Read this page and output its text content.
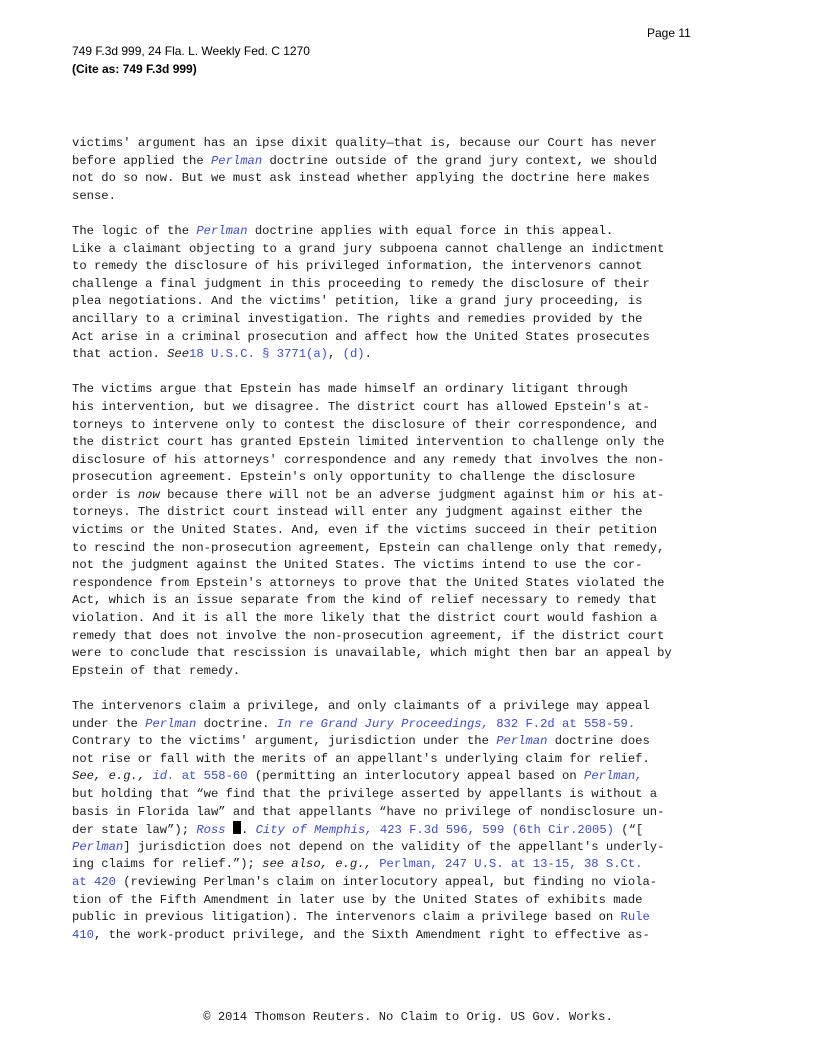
Page 11
749 F.3d 999, 24 Fla. L. Weekly Fed. C 1270
(Cite as: 749 F.3d 999)
victims' argument has an ipse dixit quality—that is, because our Court has never
before applied the Perlman doctrine outside of the grand jury context, we should
not do so now. But we must ask instead whether applying the doctrine here makes
sense.
The logic of the Perlman doctrine applies with equal force in this appeal.
Like a claimant objecting to a grand jury subpoena cannot challenge an indictment
to remedy the disclosure of his privileged information, the intervenors cannot
challenge a final judgment in this proceeding to remedy the disclosure of their
plea negotiations. And the victims' petition, like a grand jury proceeding, is
ancillary to a criminal investigation. The rights and remedies provided by the
Act arise in a criminal prosecution and affect how the United States prosecutes
that action. See18 U.S.C. § 3771(a), (d).
The victims argue that Epstein has made himself an ordinary litigant through
his intervention, but we disagree. The district court has allowed Epstein's at-
torneys to intervene only to contest the disclosure of their correspondence, and
the district court has granted Epstein limited intervention to challenge only the
disclosure of his attorneys' correspondence and any remedy that involves the non-
prosecution agreement. Epstein's only opportunity to challenge the disclosure
order is now because there will not be an adverse judgment against him or his at-
torneys. The district court instead will enter any judgment against either the
victims or the United States. And, even if the victims succeed in their petition
to rescind the non-prosecution agreement, Epstein can challenge only that remedy,
not the judgment against the United States. The victims intend to use the cor-
respondence from Epstein's attorneys to prove that the United States violated the
Act, which is an issue separate from the kind of relief necessary to remedy that
violation. And it is all the more likely that the district court would fashion a
remedy that does not involve the non-prosecution agreement, if the district court
were to conclude that rescission is unavailable, which might then bar an appeal by
Epstein of that remedy.
The intervenors claim a privilege, and only claimants of a privilege may appeal
under the Perlman doctrine. In re Grand Jury Proceedings, 832 F.2d at 558-59.
Contrary to the victims' argument, jurisdiction under the Perlman doctrine does
not rise or fall with the merits of an appellant's underlying claim for relief.
See, e.g., id. at 558-60 (permitting an interlocutory appeal based on Perlman,
but holding that “we find that the privilege asserted by appellants is without a
basis in Florida law” and that appellants “have no privilege of nondisclosure un-
der state law”); Ross . City of Memphis, 423 F.3d 596, 599 (6th Cir.2005) (“[
Perlman] jurisdiction does not depend on the validity of the appellant's underly-
ing claims for relief.”); see also, e.g., Perlman, 247 U.S. at 13-15, 38 S.Ct.
at 420 (reviewing Perlman's claim on interlocutory appeal, but finding no viola-
tion of the Fifth Amendment in later use by the United States of exhibits made
public in previous litigation). The intervenors claim a privilege based on Rule
410, the work-product privilege, and the Sixth Amendment right to effective as-
© 2014 Thomson Reuters. No Claim to Orig. US Gov. Works.
